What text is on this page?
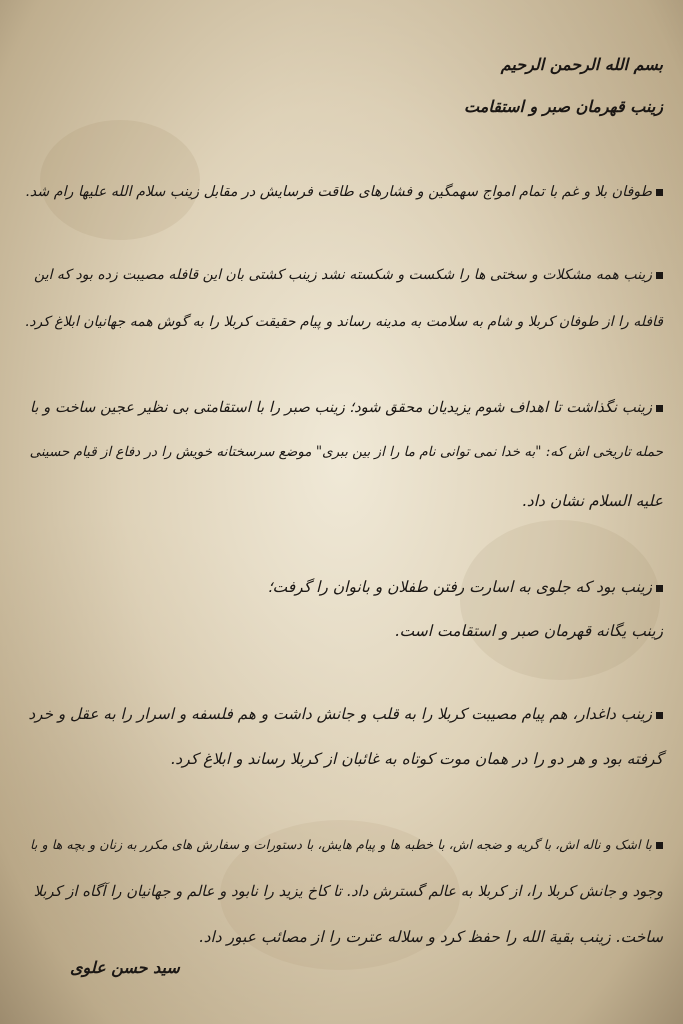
بسم الله الرحمن الرحیم
زینب قهرمان صبر و استقامت
طوفان بلا و غم با تمام امواج سهمگین و فشارهای طاقت فرسایش در مقابل زینب سلام الله علیها رام شد.
زینب همه مشکلات و سختی ها را شکست و شکسته نشد زینب کشتی بان این قافله مصیبت زده بود که این
قافله را از طوفان کربلا و شام به سلامت به مدینه رساند و پیام حقیقت کربلا را به گوش همه جهانیان ابلاغ کرد.
زینب نگذاشت تا اهداف شوم یزیدیان محقق شود؛ زینب صبر را با استقامتی بی نظیر عجین ساخت و با
حمله تاریخی اش که: "به خدا نمی توانی نام ما را از بین ببری" موضع سرسختانه خویش را در دفاع از قیام حسینی
علیه السلام نشان داد.
زینب بود که جلوی به اسارت رفتن طفلان و بانوان را گرفت؛
زینب یگانه قهرمان صبر و استقامت است.
زینب داغدار، هم پیام مصیبت کربلا را به قلب و جانش داشت و هم فلسفه و اسرار را به عقل و خرد
گرفته بود و هر دو را در همان موت کوتاه به غائبان از کربلا رساند و ابلاغ کرد.
با اشک و ناله اش، با گریه و ضجه اش، با خطبه ها و پیام هایش، با دستورات و سفارش های مکرر به زنان و بچه ها و با
وجود و جانش کربلا را، از کربلا به عالم گسترش داد. تا کاخ یزید را نابود و عالم و جهانیان را آگاه از کربلا
ساخت. زینب بقیة الله را حفظ کرد و سلاله عترت را از مصائب عبور داد.
سید حسن علوی
